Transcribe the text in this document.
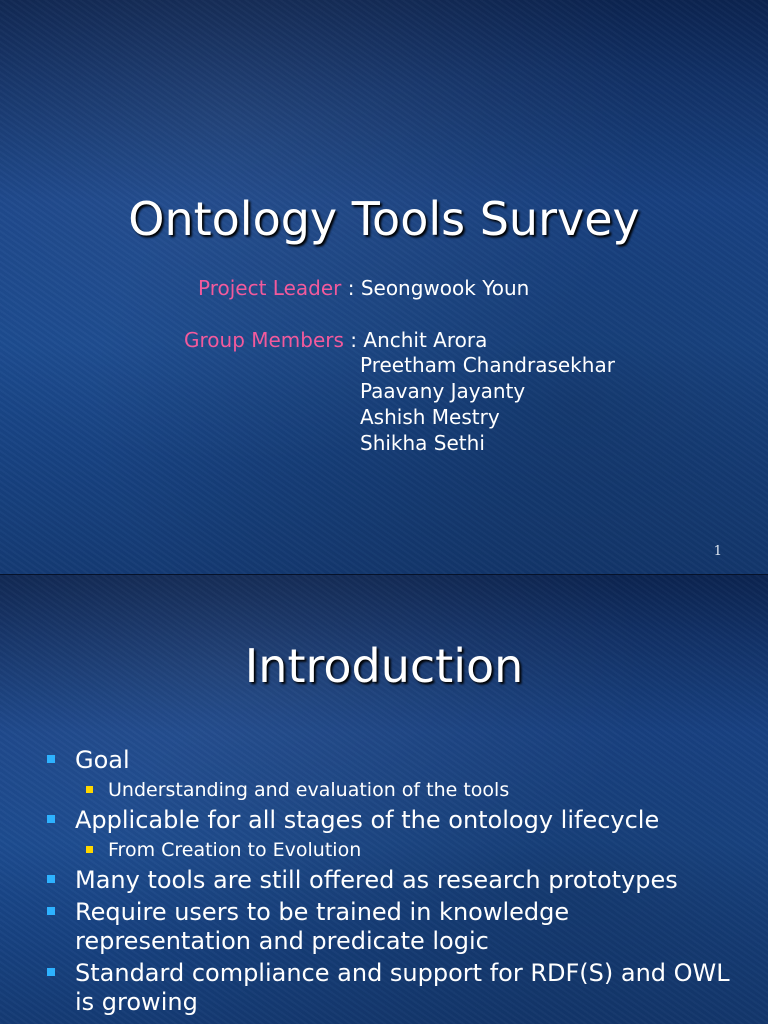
Ontology Tools Survey
Project Leader : Seongwook Youn
Group Members : Anchit Arora
Preetham Chandrasekhar
Paavany Jayanty
Ashish Mestry
Shikha Sethi
1
Introduction
Goal
Understanding and evaluation of the tools
Applicable for all stages of the ontology lifecycle
From Creation to Evolution
Many tools are still offered as research prototypes
Require users to be trained in knowledge representation and predicate logic
Standard compliance and support for RDF(S) and OWL is growing
